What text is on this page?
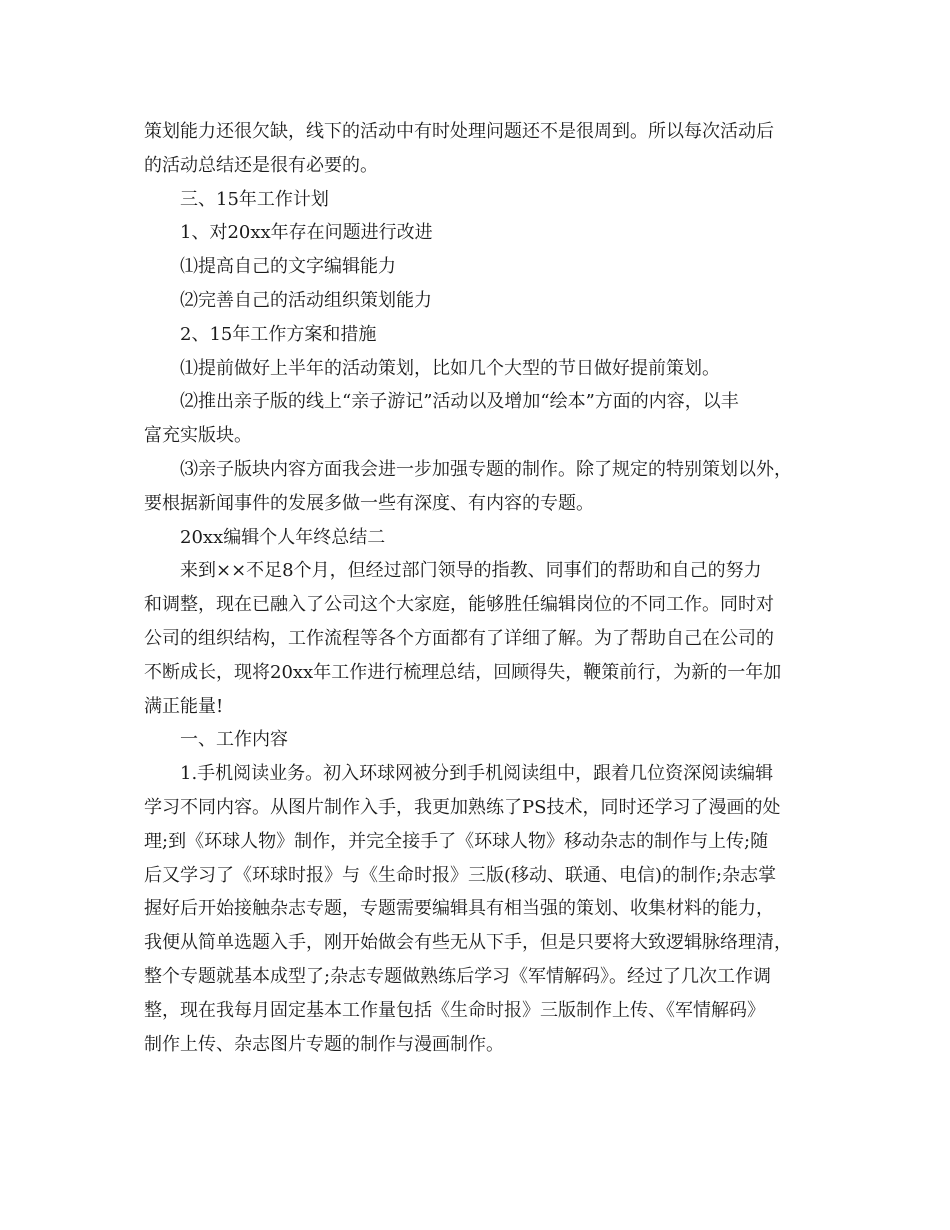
策划能力还很欠缺，线下的活动中有时处理问题还不是很周到。所以每次活动后
的活动总结还是很有必要的。
三、15年工作计划
1、对20xx年存在问题进行改进
⑴提高自己的文字编辑能力
⑵完善自己的活动组织策划能力
2、15年工作方案和措施
⑴提前做好上半年的活动策划，比如几个大型的节日做好提前策划。
⑵推出亲子版的线上“亲子游记”活动以及增加“绘本”方面的内容，以丰
富充实版块。
⑶亲子版块内容方面我会进一步加强专题的制作。除了规定的特别策划以外，
要根据新闻事件的发展多做一些有深度、有内容的专题。
20xx编辑个人年终总结二
来到××不足8个月，但经过部门领导的指教、同事们的帮助和自己的努力
和调整，现在已融入了公司这个大家庭，能够胜任编辑岗位的不同工作。同时对
公司的组织结构，工作流程等各个方面都有了详细了解。为了帮助自己在公司的
不断成长，现将20xx年工作进行梳理总结，回顾得失，鞭策前行，为新的一年加
满正能量!
一、工作内容
1.手机阅读业务。初入环球网被分到手机阅读组中，跟着几位资深阅读编辑
学习不同内容。从图片制作入手，我更加熟练了PS技术，同时还学习了漫画的处
理;到《环球人物》制作，并完全接手了《环球人物》移动杂志的制作与上传;随
后又学习了《环球时报》与《生命时报》三版(移动、联通、电信)的制作;杂志掌
握好后开始接触杂志专题，专题需要编辑具有相当强的策划、收集材料的能力，
我便从简单选题入手，刚开始做会有些无从下手，但是只要将大致逻辑脉络理清，
整个专题就基本成型了;杂志专题做熟练后学习《军情解码》。经过了几次工作调
整，现在我每月固定基本工作量包括《生命时报》三版制作上传、《军情解码》
制作上传、杂志图片专题的制作与漫画制作。
